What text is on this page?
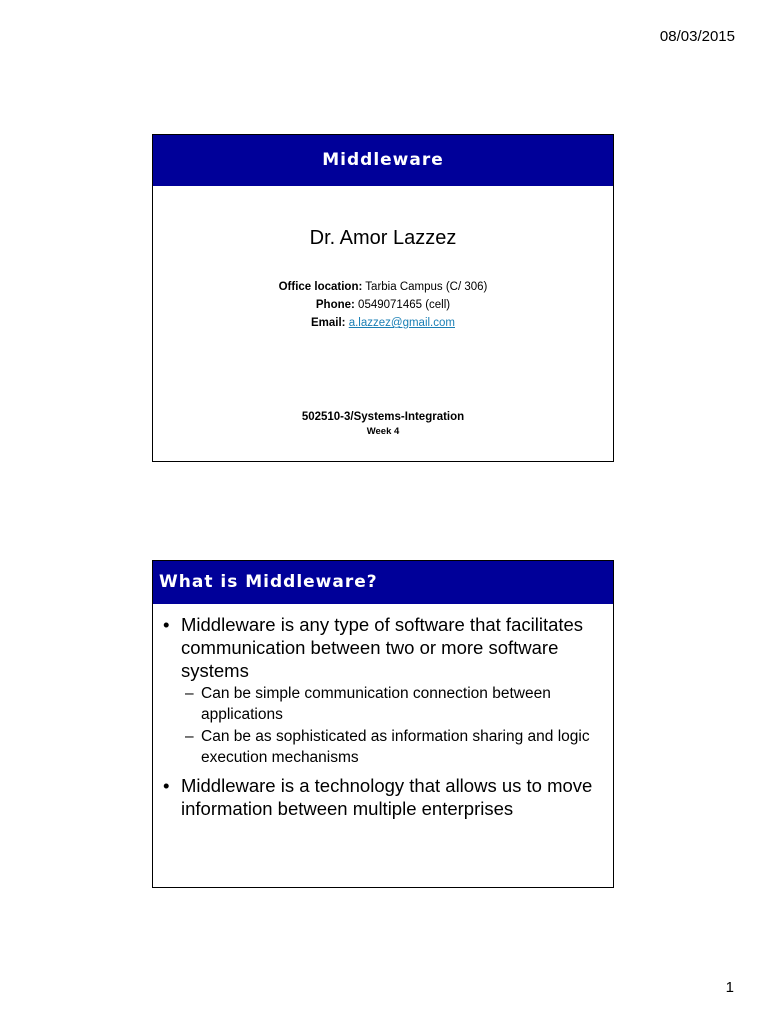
08/03/2015
Middleware
Dr. Amor Lazzez
Office location: Tarbia Campus (C/ 306)
Phone: 0549071465 (cell)
Email: a.lazzez@gmail.com
502510-3/Systems-Integration
Week 4
What is Middleware?
• Middleware is any type of software that facilitates communication between two or more software systems
– Can be simple communication connection between applications
– Can be as sophisticated as information sharing and logic execution mechanisms
• Middleware is a technology that allows us to move information between multiple enterprises
1
